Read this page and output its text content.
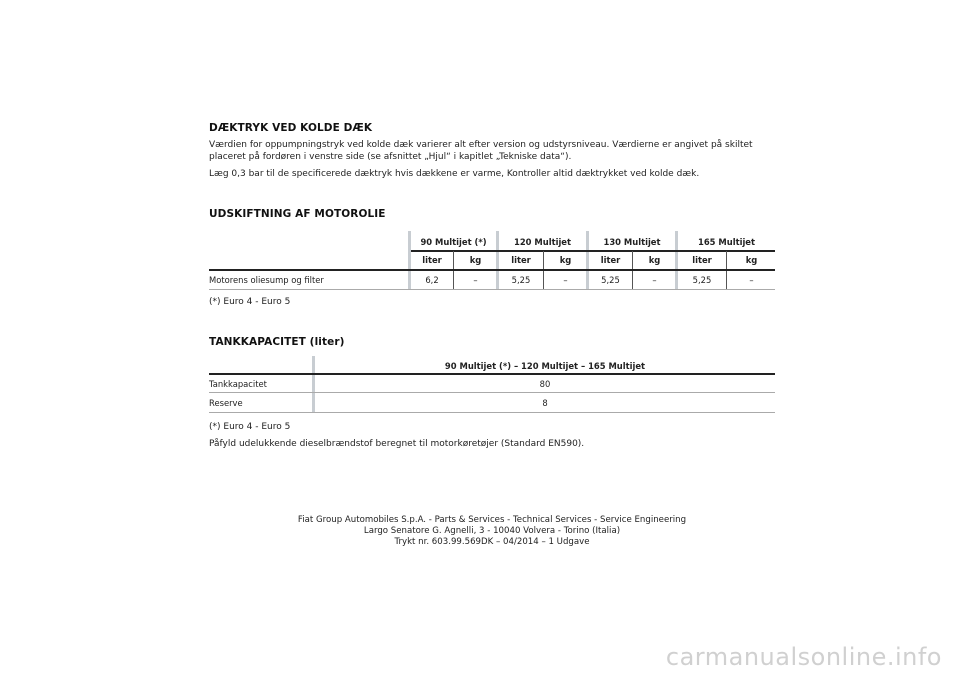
DÆKTRYK VED KOLDE DÆK
Værdien for oppumpningstryk ved kolde dæk varierer alt efter version og udstyrsniveau. Værdierne er angivet på skiltet placeret på fordøren i venstre side (se afsnittet „Hjul“ i kapitlet „Tekniske data“).
Læg 0,3 bar til de specificerede dæktryk hvis dækkene er varme, Kontroller altid dæktrykket ved kolde dæk.
UDSKIFTNING AF MOTOROLIE
90 Multijet (*)	120 Multijet	130 Multijet	165 Multijet
liter	kg	liter	kg	liter	kg	liter	kg
Motorens oliesump og filter	6,2	–	5,25	–	5,25	–	5,25	–
(*) Euro 4 - Euro 5
TANKKAPACITET (liter)
90 Multijet (*) – 120 Multijet – 165 Multijet
Tankkapacitet	80
Reserve	8
(*) Euro 4 - Euro 5
Påfyld udelukkende dieselbrændstof beregnet til motorkøretøjer (Standard EN590).
Fiat Group Automobiles S.p.A. - Parts & Services - Technical Services - Service Engineering
Largo Senatore G. Agnelli, 3 - 10040 Volvera - Torino (Italia)
Trykt nr. 603.99.569DK – 04/2014 – 1 Udgave
carmanualsonline.info
